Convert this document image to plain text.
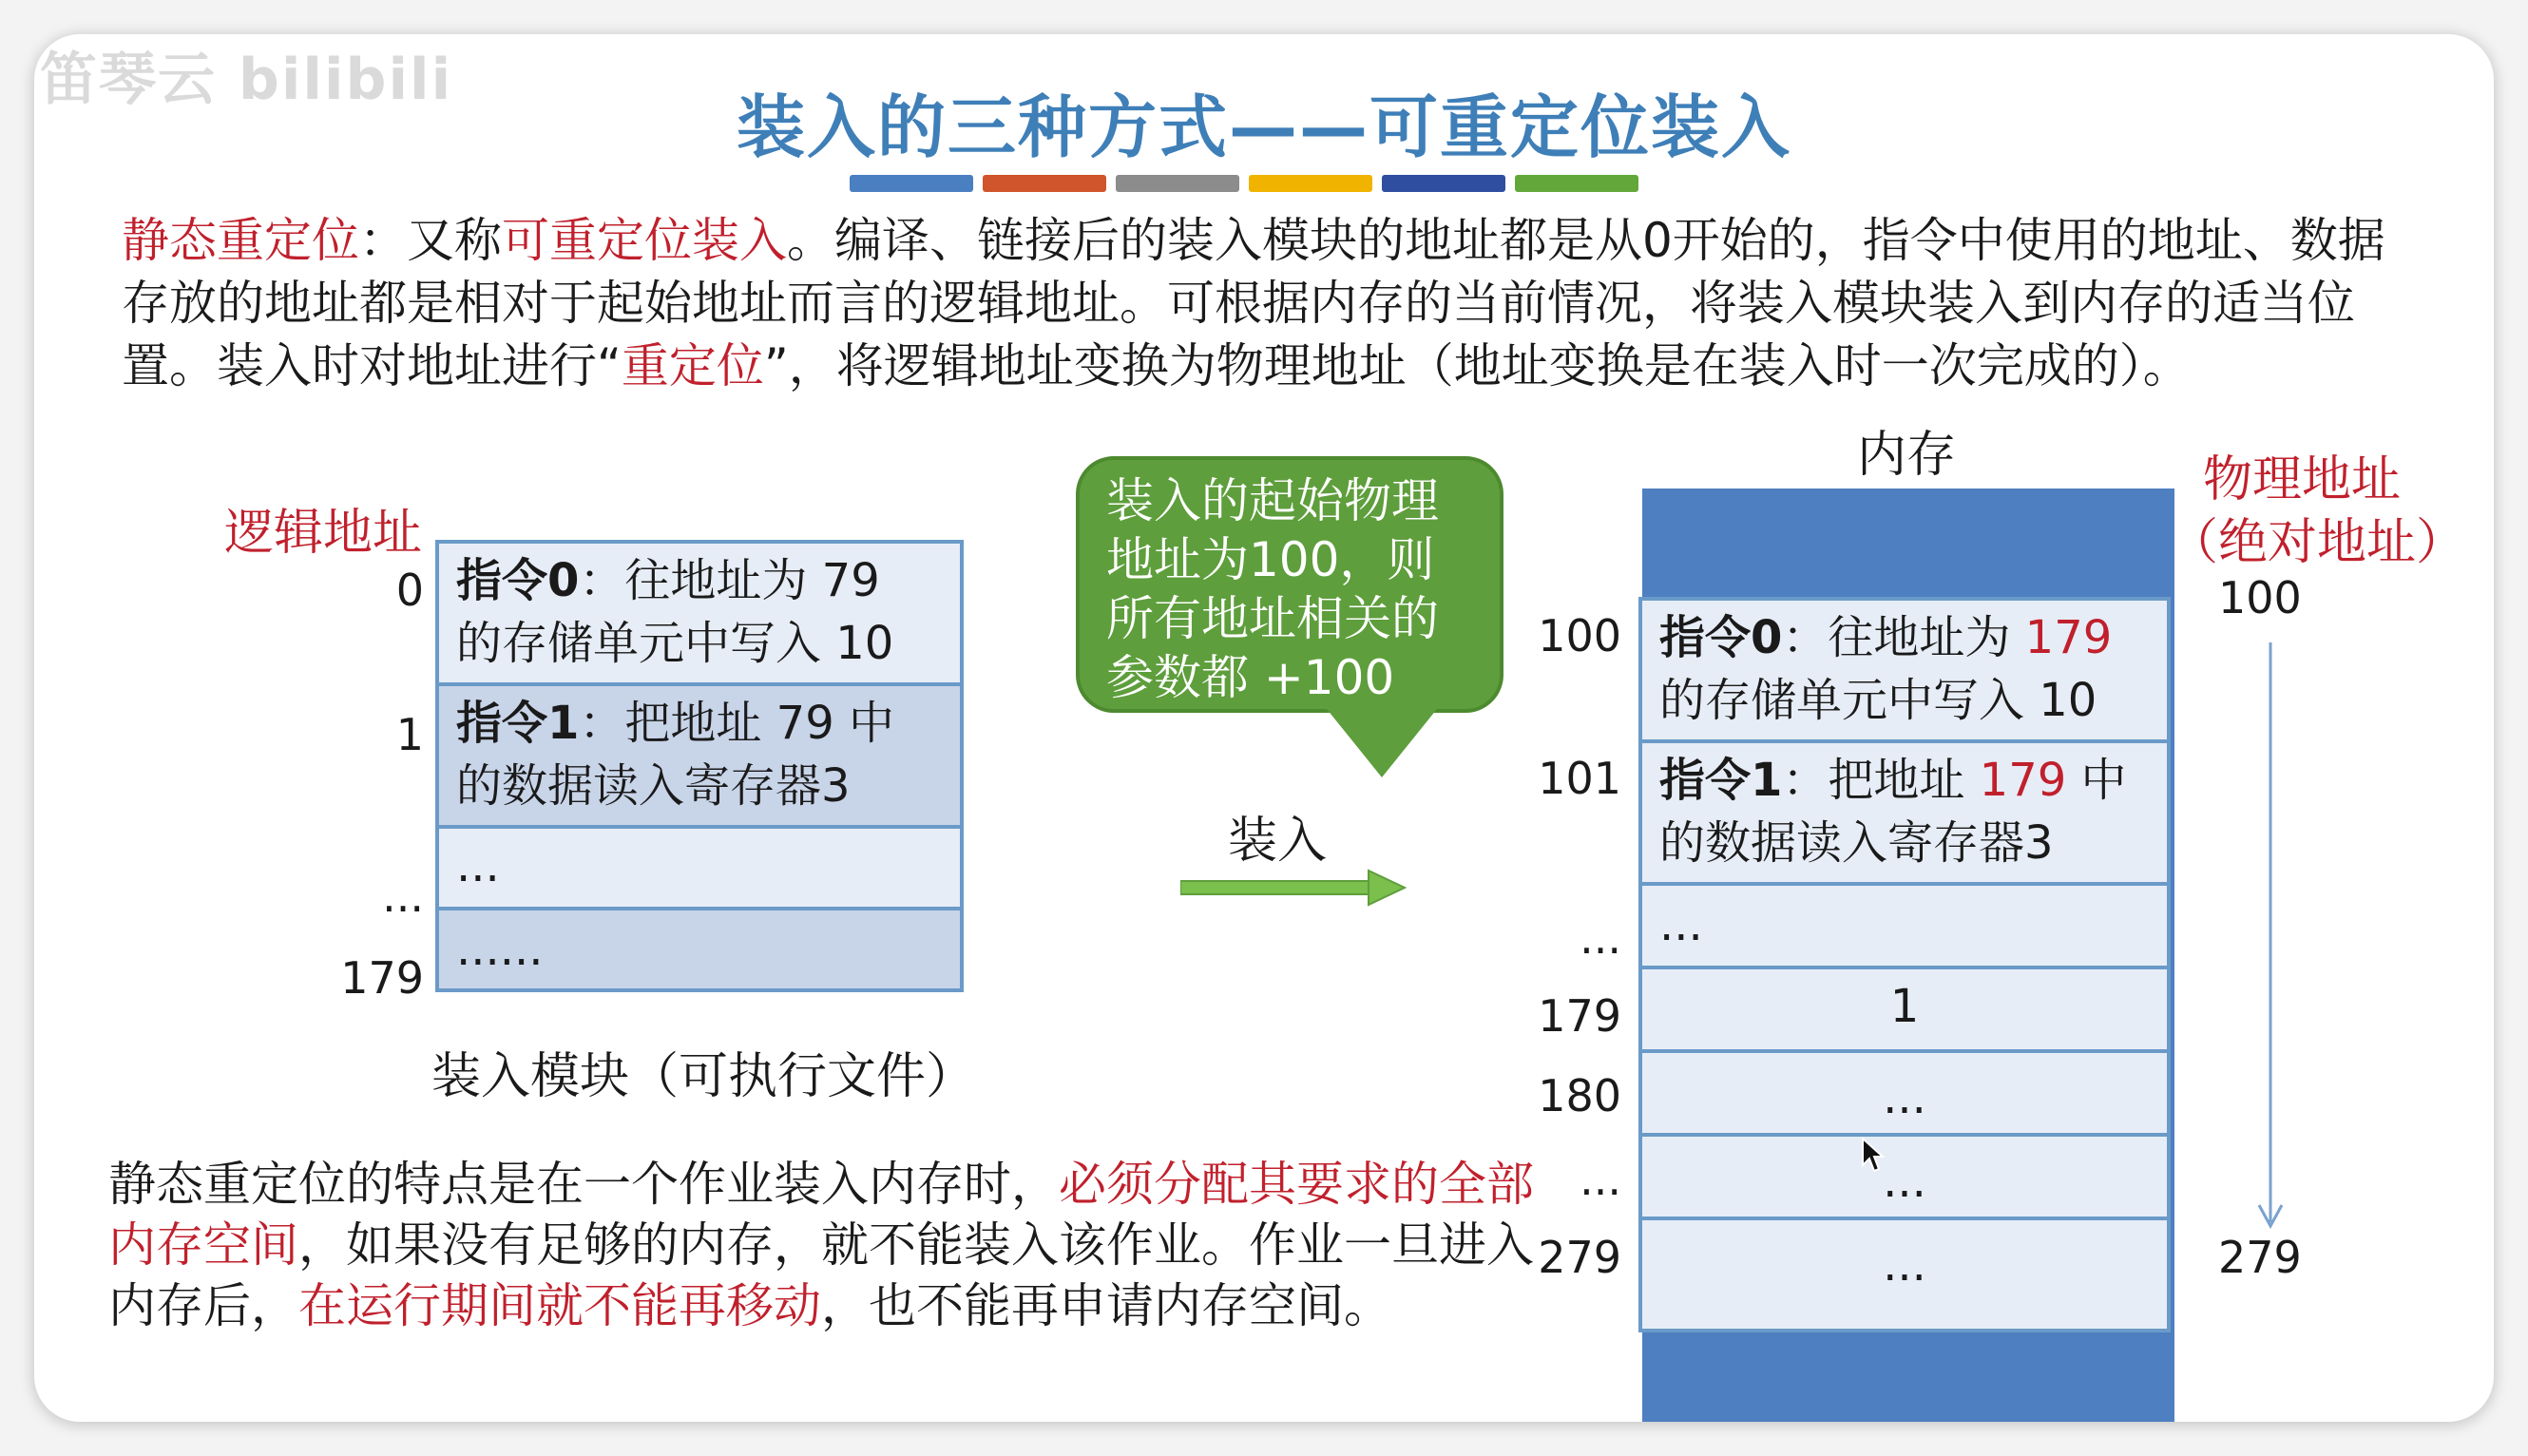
笛琴云 bilibili
装入的三种方式——可重定位装入
静态重定位：又称可重定位装入。编译、链接后的装入模块的地址都是从0开始的，指令中使用的地址、数据存放的地址都是相对于起始地址而言的逻辑地址。可根据内存的当前情况，将装入模块装入到内存的适当位置。装入时对地址进行“重定位”，将逻辑地址变换为物理地址（地址变换是在装入时一次完成的）。
逻辑地址
0
1
...
179
指令0：往地址为 79
的存储单元中写入 10
指令1：把地址 79 中
的数据读入寄存器3
...
......
装入模块（可执行文件）
装入的起始物理地址为100，则所有地址相关的参数都 +100
装入
内存
指令0：往地址为 179
的存储单元中写入 10
指令1：把地址 179 中
的数据读入寄存器3
...
1
...
...
...
100
101
...
179
180
...
279
物理地址
（绝对地址）
100
279
静态重定位的特点是在一个作业装入内存时，必须分配其要求的全部内存空间，如果没有足够的内存，就不能装入该作业。作业一旦进入内存后，在运行期间就不能再移动，也不能再申请内存空间。
